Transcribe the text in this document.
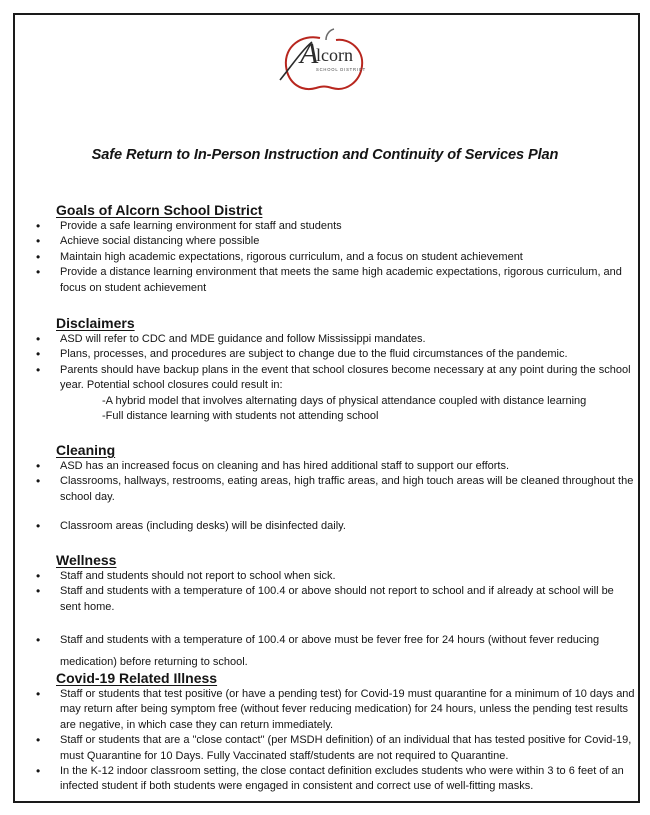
A
lcorn
SCHOOL DISTRICT
Safe Return to In-Person Instruction and Continuity of Services Plan
Goals of Alcorn School District
• Provide a safe learning environment for staff and students
• Achieve social distancing where possible
• Maintain high academic expectations, rigorous curriculum, and a focus on student achievement
• Provide a distance learning environment that meets the same high academic expectations, rigorous curriculum, and focus on student achievement
Disclaimers
• ASD will refer to CDC and MDE guidance and follow Mississippi mandates.
• Plans, processes, and procedures are subject to change due to the fluid circumstances of the pandemic.
• Parents should have backup plans in the event that school closures become necessary at any point during the school year. Potential school closures could result in:
-A hybrid model that involves alternating days of physical attendance coupled with distance learning
-Full distance learning with students not attending school
Cleaning
• ASD has an increased focus on cleaning and has hired additional staff to support our efforts.
• Classrooms, hallways, restrooms, eating areas, high traffic areas, and high touch areas will be cleaned throughout the school day.
• Classroom areas (including desks) will be disinfected daily.
Wellness
• Staff and students should not report to school when sick.
• Staff and students with a temperature of 100.4 or above should not report to school and if already at school will be sent home.
• Staff and students with a temperature of 100.4 or above must be fever free for 24 hours (without fever reducing medication) before returning to school.
Covid-19 Related Illness
• Staff or students that test positive (or have a pending test) for Covid-19 must quarantine for a minimum of 10 days and may return after being symptom free (without fever reducing medication) for 24 hours, unless the pending test results are negative, in which case they can return immediately.
• Staff or students that are a "close contact" (per MSDH definition) of an individual that has tested positive for Covid-19, must Quarantine for 10 Days. Fully Vaccinated staff/students are not required to Quarantine.
• In the K-12 indoor classroom setting, the close contact definition excludes students who were within 3 to 6 feet of an infected student if both students were engaged in consistent and correct use of well-fitting masks.
